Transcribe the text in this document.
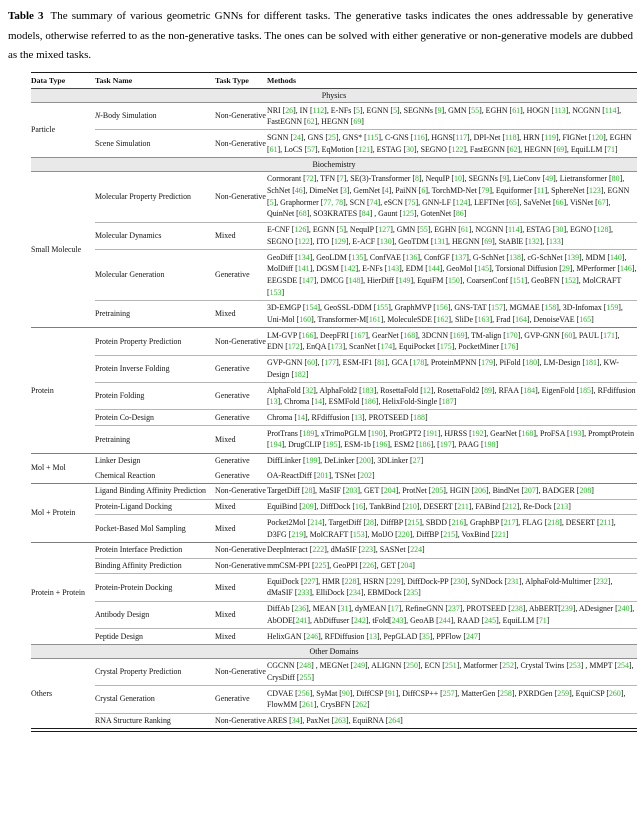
Table 3 The summary of various geometric GNNs for different tasks. The generative tasks indicates the ones addressable by generative models, otherwise referred to as the non-generative tasks. The ones can be solved with either generative or non-generative models are dubbed as the mixed tasks.

Data Type	Task Name	Task Type	Methods
Physics			
Particle	N-Body Simulation	Non-Generative	NRI [26], IN [112], E-NFs [5], EGNN [5], SEGNNs [9], GMN [55], EGHN [61], HOGN [113], NCGNN [114], FastEGNN [62], HEGNN [69]
	Scene Simulation	Non-Generative	SGNN [24], GNS [25], GNS* [115], C-GNS [116], HGNS[117], DPI-Net [118], HRN [119], FIGNet [120], EGHN [61], LoCS [57], EqMotion [121], ESTAG [30], SEGNO [122], FastEGNN [62], HEGNN [69], EquiLLM [71]
Biochemistry			
Small Molecule	Molecular Property Prediction	Non-Generative	Cormorant [72], TFN [7], SE(3)-Transformer [8], NequIP [10], SEGNNs [9], LieConv [49], Lietransformer [80], SchNet [46], DimeNet [3], GemNet [4], PaiNN [6], TorchMD-Net [79], Equiformer [11], SphereNet [123], EGNN [5], Graphormer [77, 78], SCN [74], eSCN [75], GNN-LF [124], LEFTNet [65], SaVeNet [66], ViSNet [67], QuinNet [68], SO3KRATES [84] , Gaunt [125], GotenNet [86]
	Molecular Dynamics	Mixed	E-CNF [126], EGNN [5], NequIP [127], GMN [55], EGHN [61], NCGNN [114], ESTAG [30], EGNO [128], SEGNO [122], ITO [129], E-ACF [130], GeoTDM [131], HEGNN [69], StABlE [132], [133]
	Molecular Generation	Generative	GeoDiff [134], GeoLDM [135], ConfVAE [136], ConfGF [137], G-SchNet [138], cG-SchNet [139], MDM [140], MolDiff [141], DGSM [142], E-NFs [143], EDM [144], GeoMol [145], Torsional Diffusion [29], MPerformer [146], EEGSDE [147], DMCG [148], HierDiff [149], EquiFM [150], CoarsenConf [151], GeoBFN [152], MolCRAFT [153]
	Pretraining	Mixed	3D-EMGP [154], GeoSSL-DDM [155], GraphMVP [156], GNS-TAT [157], MGMAE [158], 3D-Infomax [159], Uni-Mol [160], Transformer-M[161], MoleculeSDE [162], SliDe [163], Frad [164], DenoiseVAE [165]
Protein	Protein Property Prediction	Non-Generative	LM-GVP [166], DeepFRI [167], GearNet [168], 3DCNN [169], TM-align [170], GVP-GNN [60], PAUL [171], EDN [172], EnQA [173], ScanNet [174], EquiPocket [175], PocketMiner [176]
	Protein Inverse Folding	Generative	GVP-GNN [60], [177], ESM-IF1 [81], GCA [178], ProteinMPNN [179], PiFold [180], LM-Design [181], KW-Design [182]
	Protein Folding	Generative	AlphaFold [32], AlphaFold2 [183], RosettaFold [12], RosettaFold2 [89], RFAA [184], EigenFold [185], RFdiffusion [13], Chroma [14], ESMFold [186], HelixFold-Single [187]
	Protein Co-Design	Generative	Chroma [14], RFdiffusion [13], PROTSEED [188]
	Pretraining	Mixed	ProtTrans [189], xTrimoPGLM [190], ProtGPT2 [191], HJRSS [192], GearNet [168], ProFSA [193], PromptProtein [194], DrugCLIP [195], ESM-1b [196], ESM2 [186], [197], PAAG [198]
Mol + Mol	Linker Design	Generative	DiffLinker [199], DeLinker [200], 3DLinker [27]
	Chemical Reaction	Generative	OA-ReactDiff [201], TSNet [202]
Mol + Protein	Ligand Binding Affinity Prediction	Non-Generative	TargetDiff [28], MaSIF [203], GET [204], ProtNet [205], HGIN [206], BindNet [207], BADGER [208]
	Protein-Ligand Docking	Mixed	EquiBind [209], DiffDock [16], TankBind [210], DESERT [211], FABind [212], Re-Dock [213]
	Pocket-Based Mol Sampling	Mixed	Pocket2Mol [214], TargetDiff [28], DiffBP [215], SBDD [216], GraphBP [217], FLAG [218], DESERT [211], D3FG [219], MolCRAFT [153], MolJO [220], DiffBP [215], VoxBind [221]
Protein + Protein	Protein Interface Prediction	Non-Generative	DeepInteract [222], dMaSIF [223], SASNet [224]
	Binding Affinity Prediction	Non-Generative	mmCSM-PPI [225], GeoPPI [226], GET [204]
	Protein-Protein Docking	Mixed	EquiDock [227], HMR [228], HSRN [229], DiffDock-PP [230], SyNDock [231], AlphaFold-Multimer [232], dMaSIF [233], ElliDock [234], EBMDock [235]
	Antibody Design	Mixed	DiffAb [236], MEAN [31], dyMEAN [17], RefineGNN [237], PROTSEED [238], AbBERT[239], ADesigner [240], AbODE[241], AbDiffuser [242], tFold[243], GeoAB [244], RAAD [245], EquiLLM [71]
	Peptide Design	Mixed	HelixGAN [246], RFDiffusion [13], PepGLAD [35], PPFlow [247]
Other Domains			
Others	Crystal Property Prediction	Non-Generative	CGCNN [248] , MEGNet [249], ALIGNN [250], ECN [251], Matformer [252], Crystal Twins [253] , MMPT [254], CrysDiff [255]
	Crystal Generation	Generative	CDVAE [256], SyMat [90], DiffCSP [91], DiffCSP++ [257], MatterGen [258], PXRDGen [259], EquiCSP [260], FlowMM [261], CrysBFN [262]
	RNA Structure Ranking	Non-Generative	ARES [34], PaxNet [263], EquiRNA [264]
